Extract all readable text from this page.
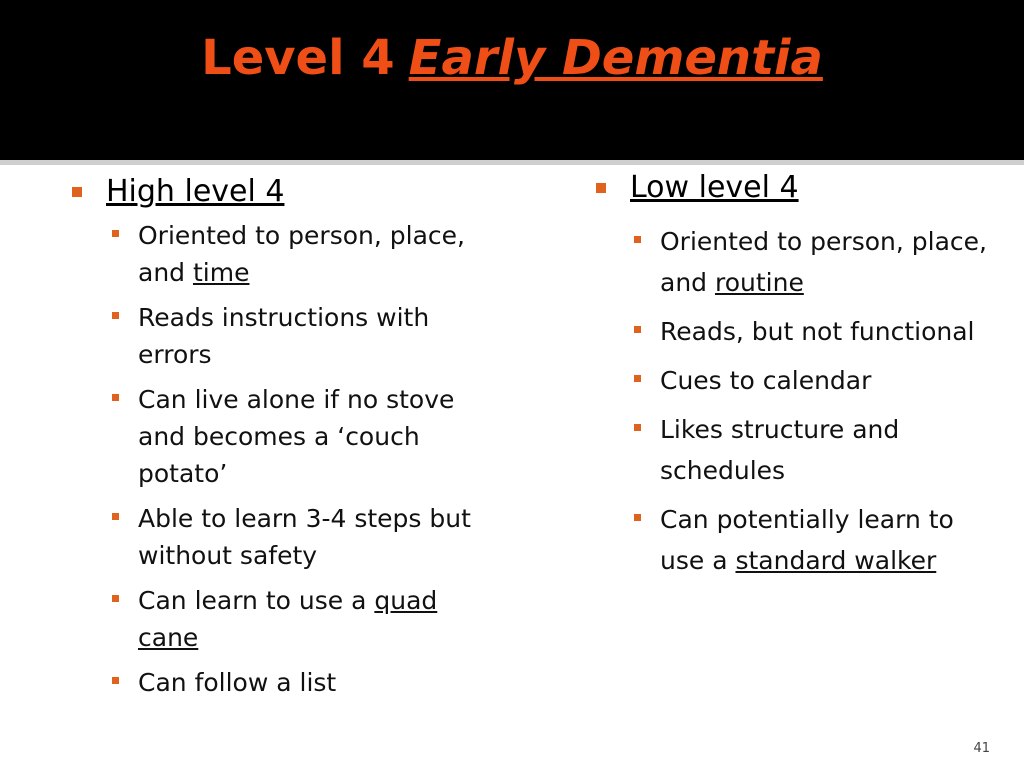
Level 4 Early Dementia
High level 4
Oriented to person, place, and time
Reads instructions with errors
Can live alone if no stove and becomes a ‘couch potato’
Able to learn 3-4 steps but without safety
Can learn to use a quad cane
Can follow a list
Low level 4
Oriented to person, place, and routine
Reads, but not functional
Cues to calendar
Likes structure and schedules
Can potentially learn to use a standard walker
41
